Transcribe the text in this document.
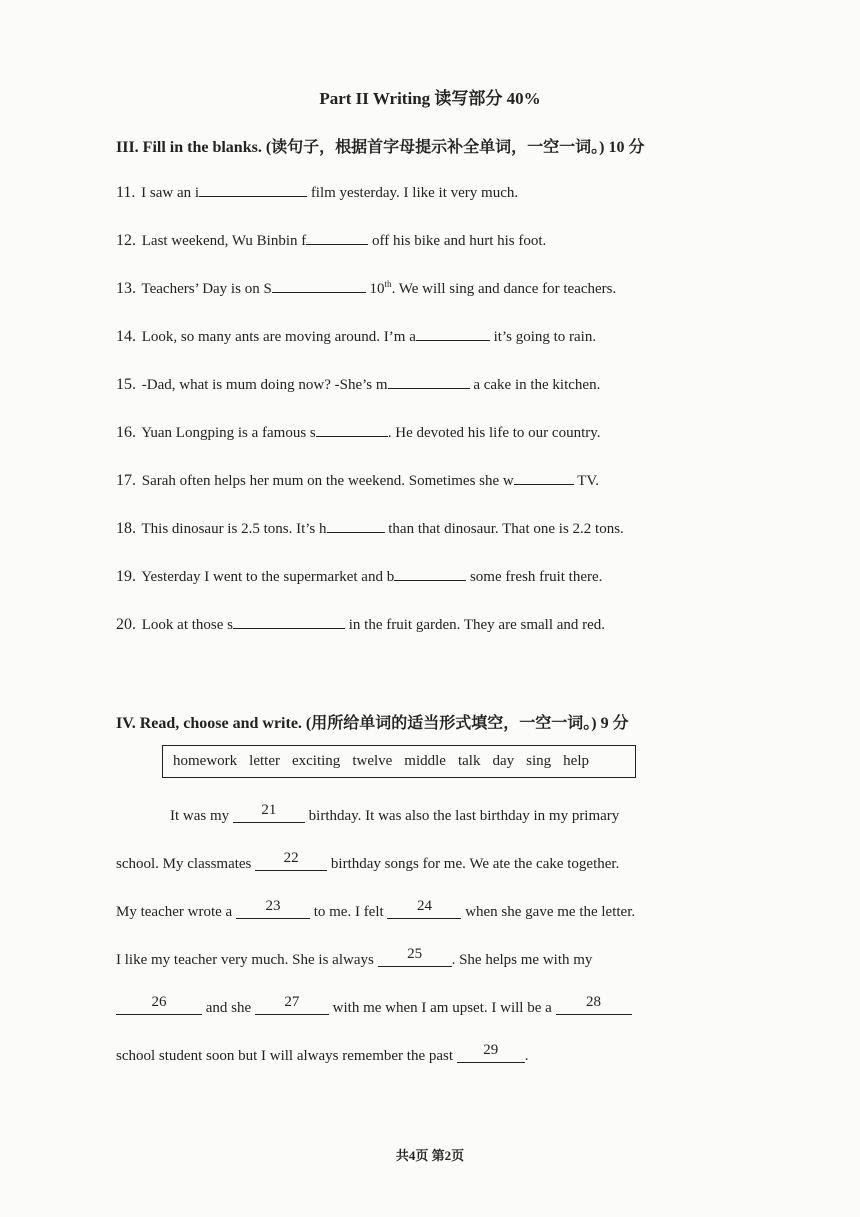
Part II Writing 读写部分 40%
III. Fill in the blanks. (读句子，根据首字母提示补全单词，一空一词。) 10 分
11. I saw an i	film yesterday. I like it very much.
12. Last weekend, Wu Binbin f	off his bike and hurt his foot.
13. Teachers’ Day is on S	10th. We will sing and dance for teachers.
14. Look, so many ants are moving around. I’m a	it’s going to rain.
15. -Dad, what is mum doing now? -She’s m	a cake in the kitchen.
16. Yuan Longping is a famous s	. He devoted his life to our country.
17. Sarah often helps her mum on the weekend. Sometimes she w	TV.
18. This dinosaur is 2.5 tons. It’s h	than that dinosaur. That one is 2.2 tons.
19. Yesterday I went to the supermarket and b	some fresh fruit there.
20. Look at those s	in the fruit garden. They are small and red.
IV. Read, choose and write. (用所给单词的适当形式填空，一空一词。) 9 分
homework letter exciting twelve middle talk day sing help
It was my 21 birthday. It was also the last birthday in my primary
school. My classmates 22 birthday songs for me. We ate the cake together.
My teacher wrote a 23 to me. I felt 24 when she gave me the letter.
I like my teacher very much. She is always 25 . She helps me with my
26 and she 27 with me when I am upset. I will be a 28
school student soon but I will always remember the past 29 .
共4页 第2页
